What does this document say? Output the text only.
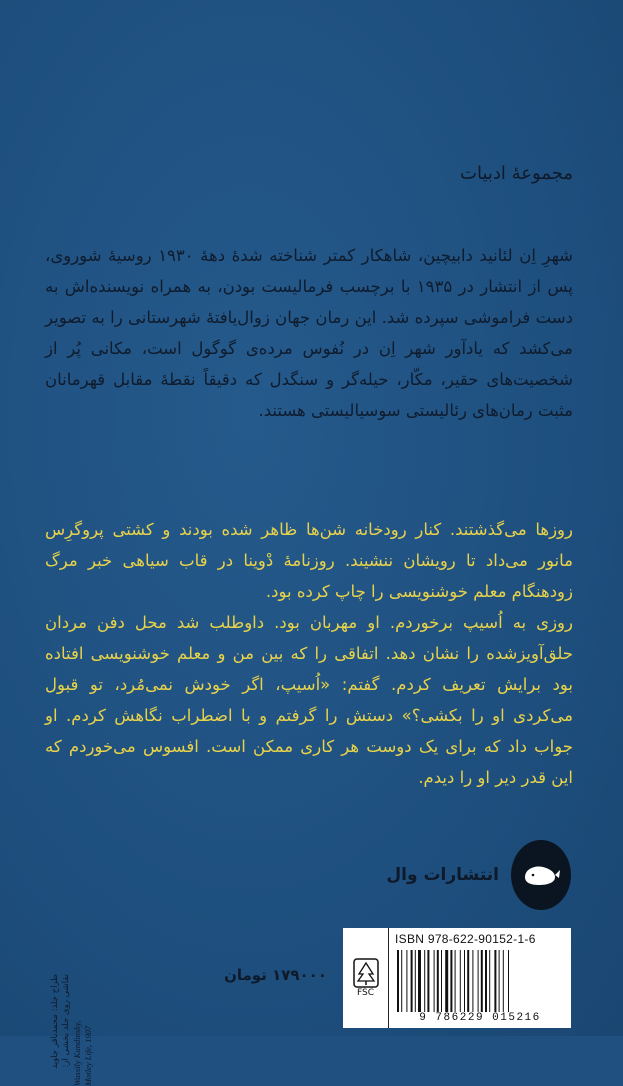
مجموعهٔ ادبیات

شهرِ اِن لئانید دابیچین، شاهکار کمتر شناخته شدهٔ دههٔ ۱۹۳۰ روسیهٔ شوروی، پس از انتشار در ۱۹۳۵ با برچسب فرمالیست بودن، به همراه نویسنده‌اش به دست فراموشی سپرده شد. این رمان جهان زوال‌یافتهٔ شهرستانی را به تصویر می‌کشد که یادآور شهر اِن در نُفوس مرده‌ی گوگول است، مکانی پُر از شخصیت‌های حقیر، مکّار، حیله‌گر و سنگدل که دقیقاً نقطهٔ مقابل قهرمانان مثبت رمان‌های رئالیستی سوسیالیستی هستند.

روزها می‌گذشتند. کنار رودخانه شن‌ها ظاهر شده بودند و کشتی پروگرِس مانور می‌داد تا رویشان ننشیند. روزنامهٔ دْوینا در قاب سیاهی خبر مرگ زودهنگام معلم خوشنویسی را چاپ کرده بود.

روزی به اُسیپ برخوردم. او مهربان بود. داوطلب شد محل دفن مردان حلق‌آویزشده را نشان دهد. اتفاقی را که بین من و معلم خوشنویسی افتاده بود برایش تعریف کردم. گفتم: «اُسیپ، اگر خودش نمی‌مُرد، تو قبول می‌کردی او را بکشی؟» دستش را گرفتم و با اضطراب نگاهش کردم. او جواب داد که برای یک دوست هر کاری ممکن است. افسوس می‌خوردم که این قدر دیر او را دیدم.

انتشارات وال
FSC
ISBN 978-622-90152-1-6
9 786229 015216
۱۷۹۰۰۰ تومان
طراح جلد: محمدباقر جاوید نقاشی روی جلد بخشی از: Wassily Kandinsky, Motley Life, 1907
